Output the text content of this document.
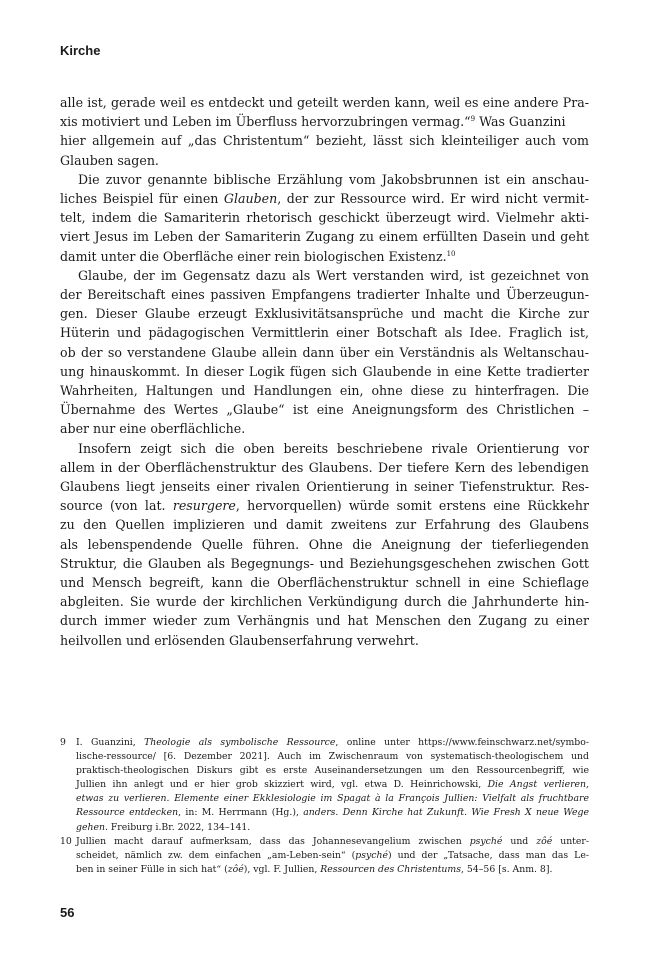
Kirche
alle ist, gerade weil es entdeckt und geteilt werden kann, weil es eine andere Pra-
xis motiviert und Leben im Überfluss hervorzubringen vermag.“$^9$ Was Guanzini
hier allgemein auf „das Christentum“ bezieht, lässt sich kleinteiliger auch vom
Glauben sagen.
Die zuvor genannte biblische Erzählung vom Jakobsbrunnen ist ein anschau-
liches Beispiel für einen Glauben, der zur Ressource wird. Er wird nicht vermit-
telt, indem die Samariterin rhetorisch geschickt überzeugt wird. Vielmehr akti-
viert Jesus im Leben der Samariterin Zugang zu einem erfüllten Dasein und geht
damit unter die Oberfläche einer rein biologischen Existenz.$^{10}$
Glaube, der im Gegensatz dazu als Wert verstanden wird, ist gezeichnet von
der Bereitschaft eines passiven Empfangens tradierter Inhalte und Überzeugun-
gen. Dieser Glaube erzeugt Exklusivitätsansprüche und macht die Kirche zur
Hüterin und pädagogischen Vermittlerin einer Botschaft als Idee. Fraglich ist,
ob der so verstandene Glaube allein dann über ein Verständnis als Weltanschau-
ung hinauskommt. In dieser Logik fügen sich Glaubende in eine Kette tradierter
Wahrheiten, Haltungen und Handlungen ein, ohne diese zu hinterfragen. Die
Übernahme des Wertes „Glaube“ ist eine Aneignungsform des Christlichen –
aber nur eine oberflächliche.
Insofern zeigt sich die oben bereits beschriebene rivale Orientierung vor
allem in der Oberflächenstruktur des Glaubens. Der tiefere Kern des lebendigen
Glaubens liegt jenseits einer rivalen Orientierung in seiner Tiefenstruktur. Res-
source (von lat. resurgere, hervorquellen) würde somit erstens eine Rückkehr
zu den Quellen implizieren und damit zweitens zur Erfahrung des Glaubens
als lebenspendende Quelle führen. Ohne die Aneignung der tieferliegenden
Struktur, die Glauben als Begegnungs- und Beziehungsgeschehen zwischen Gott
und Mensch begreift, kann die Oberflächenstruktur schnell in eine Schieflage
abgleiten. Sie wurde der kirchlichen Verkündigung durch die Jahrhunderte hin-
durch immer wieder zum Verhängnis und hat Menschen den Zugang zu einer
heilvollen und erlösenden Glaubenserfahrung verwehrt.
9	I. Guanzini, Theologie als symbolische Ressource, online unter https://www.feinschwarz.net/symbo-
lische-ressource/ [6. Dezember 2021]. Auch im Zwischenraum von systematisch-theologischem und
praktisch-theologischen Diskurs gibt es erste Auseinandersetzungen um den Ressourcenbegriff, wie
Jullien ihn anlegt und er hier grob skizziert wird, vgl. etwa D. Heinrichowski, Die Angst verlieren,
etwas zu verlieren. Elemente einer Ekklesiologie im Spagat à la François Jullien: Vielfalt als fruchtbare
Ressource entdecken, in: M. Herrmann (Hg.), anders. Denn Kirche hat Zukunft. Wie Fresh X neue Wege
gehen. Freiburg i.Br. 2022, 134–141.
10 Jullien macht darauf aufmerksam, dass das Johannesevangelium zwischen psyché und zôé unter-
scheidet, nämlich zw. dem einfachen „am-Leben-sein“ (psyché) und der „Tatsache, dass man das Le-
ben in seiner Fülle in sich hat“ (zôé), vgl. F. Jullien, Ressourcen des Christentums, 54–56 [s. Anm. 8].
56
